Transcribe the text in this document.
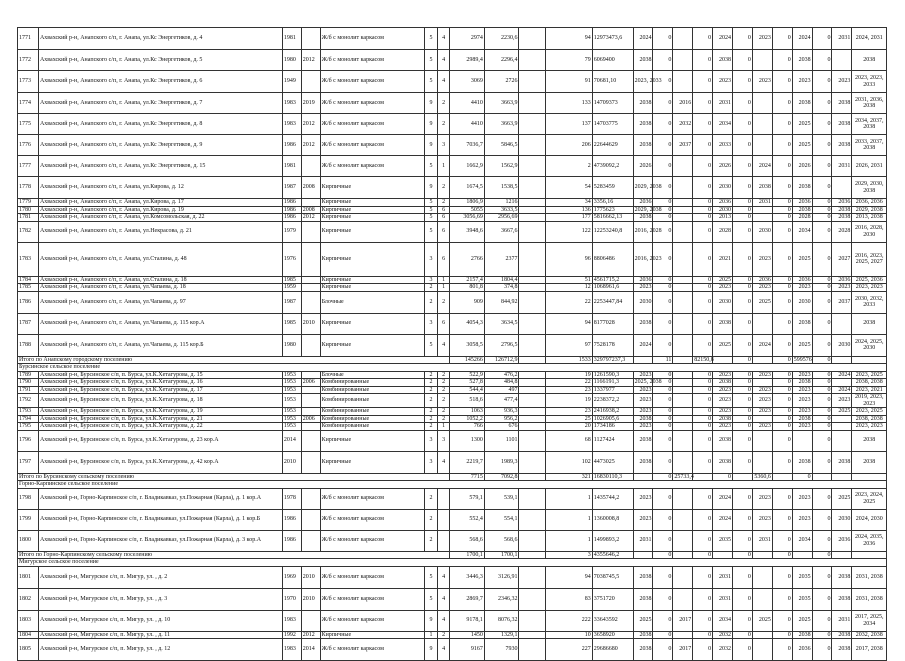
1771	Ахвахский р-н, Анапского с/п, г. Анапа, ул.Кс Энергетиков, д. 4	1981		Ж/б с монолит каркасом	5	4	2974	2230,6		94	12973473,6	2024	0		0	2024	0	2023	0	2024	0	2031	2024, 2031
1772	Ахвахский р-н, Анапского с/п, г. Анапа, ул.Кс Энергетиков, д. 5	1980	2012	Ж/б с монолит каркасом	5	4	2989,4	2296,4		79	6069400	2038	0		0	2038	0		0	2038	0		2038
1773	Ахвахский р-н, Анапского с/п, г. Анапа, ул.Кс Энергетиков, д. 6	1949		Ж/б с монолит каркасом	5	4	3069	2726		91	70681,10	2023, 2033	0		0	2023	0	2023	0	2023	0	2023	2023, 2023, 2033
1774	Ахвахский р-н, Анапского с/п, г. Анапа, ул.Кс Энергетиков, д. 7	1983	2019	Ж/б с монолит каркасом	9	2	4410	3663,9		133	14709373	2038	0	2016	0	2031	0		0	2038	0	2038	2031, 2036, 2038
1775	Ахвахский р-н, Анапского с/п, г. Анапа, ул.Кс Энергетиков, д. 8	1983	2012	Ж/б с монолит каркасом	9	2	4410	3663,9		137	14703775	2038	0	2032	0	2034	0		0	2025	0	2038	2034, 2037, 2038
1776	Ахвахский р-н, Анапского с/п, г. Анапа, ул.Кс Энергетиков, д. 9	1986	2012	Ж/б с монолит каркасом	9	3	7036,7	5846,5		206	22644629	2038	0	2037	0	2033	0		0	2025	0	2038	2033, 2037, 2038
1777	Ахвахский р-н, Анапского с/п, г. Анапа, ул.Кс Энергетиков, д. 15	1981		Ж/б с монолит каркасом	5	1	1662,9	1562,9		2	4739092,2	2026	0		0	2026	0	2024	0	2026	0	2031	2026, 2031
1778	Ахвахский р-н, Анапского с/п, г. Анапа, ул.Кирова, д. 12	1987	2008	Кирпичные	9	2	1674,5	1538,5		54	5283459	2029, 2038	0		0	2030	0	2038	0	2038	0		2029, 2030, 2038
1779	Ахвахский р-н, Анапского с/п, г. Анапа, ул.Кирова, д. 17	1986		Кирпичные	5	2	1806,9	1216		34	3356,16	2036	0		0	2036	0	2031	0	2036	0	2036	2036, 2036
1780	Ахвахский р-н, Анапского с/п, г. Анапа, ул.Кирова, д. 19	1986	2008	Кирпичные	5	6	5055	3633,5		136	1775623	2029, 2038	0		0	2030	0		0	2038	0	2038	2029, 2038
1781	Ахвахский р-н, Анапского с/п, г. Анапа, ул.Комсомольская, д. 22	1986	2012	Кирпичные	5	6	3056,69	2956,69		177	5816662,13	2038	0		0	2013	0		0	2028	0	2038	2013, 2038
1782	Ахвахский р-н, Анапского с/п, г. Анапа, ул.Некрасова, д. 21	1979		Кирпичные	5	6	3948,6	3667,6		122	12253240,8	2016, 2028	0		0	2028	0	2030	0	2034	0	2028	2016, 2028, 2030
1783	Ахвахский р-н, Анапского с/п, г. Анапа, ул.Сталина, д. 48	1976		Кирпичные	3	6	2766	2377		96	8806486	2016, 2023	0		0	2021	0	2023	0	2025	0	2027	2016, 2023, 2025, 2027
1784	Ахвахский р-н, Анапского с/п, г. Анапа, ул.Сталина, д. 18	1985		Кирпичные	3	1	2157,4	1804,4		51	4561715,2	2036	0		0	2025	0	2036	0	2036	0	2036	2025, 2036
1785	Ахвахский р-н, Анапского с/п, г. Анапа, ул.Чапаева, д. 18	1959		Кирпичные	2	1	801,8	374,8		12	1068961,6	2023	0		0	2023	0	2023	0	2023	0	2023	2023, 2023
1786	Ахвахский р-н, Анапского с/п, г. Анапа, ул.Чапаева, д. 97	1987		Блочные	2	2	909	844,92		22	2253447,84	2030	0		0	2030	0	2025	0	2030	0	2037	2030, 2032, 2033
1787	Ахвахский р-н, Анапского с/п, г. Анапа, ул.Чапаева, д. 115 кор.А	1985	2010	Кирпичные	3	6	4054,3	3634,5		94	8177028	2038	0		0	2038	0		0	2038	0		2038
1788	Ахвахский р-н, Анапского с/п, г. Анапа, ул.Чапаева, д. 115 кор.Б	1980		Кирпичные	5	4	3058,5	2796,5		97	7528178	2024	0		0	2025	0	2024	0	2025	0	2030	2024, 2025, 2030
Итого по Анапскому городскому поселению							145266	126712,9		1533	329797237,3		11		82150,8		0		0	599576	0		
Бурсинское сельское поселение																							
1789	Ахвахский р-н, Бурсинское с/п, п. Бурса, ул.К.Хетагурова, д. 15	1953		Блочные	2	2	522,9	476,2		19	1261590,3	2023	0		0	2023	0	2023	0	2023	0	2024	2023, 2025
1790	Ахвахский р-н, Бурсинское с/п, п. Бурса, ул.К.Хетагурова, д. 16	1953	2006	Комбинированные	2	2	527,8	484,8		22	1166191,3	2025, 2038	0		0	2038	0		0	2038	0		2038, 2038
1791	Ахвахский р-н, Бурсинское с/п, п. Бурса, ул.К.Хетагурова, д. 17	1953		Комбинированные	2	2	544,4	497		23	1337977	2023	0		0	2023	0	2023	0	2023	0	2024	2023, 2021
1792	Ахвахский р-н, Бурсинское с/п, п. Бурса, ул.К.Хетагурова, д. 18	1953		Комбинированные	2	2	518,6	477,4		19	2238372,2	2023	0		0	2023	0	2023	0	2023	0	2023	2019, 2023, 2023
1793	Ахвахский р-н, Бурсинское с/п, п. Бурса, ул.К.Хетагурова, д. 19	1953		Комбинированные	2	2	1063	936,3		23	2416938,2	2023	0		0	2023	0	2023	0	2023	0	2025	2023, 2025
1794	Ахвахский р-н, Бурсинское с/п, п. Бурса, ул.К.Хетагурова, д. 21	1953	2006	Комбинированные	2	2	1052,2	956,2		25	1026905,6	2038	0		0	2038	0		0	2038	0		2038, 2038
1795	Ахвахский р-н, Бурсинское с/п, п. Бурса, ул.К.Хетагурова, д. 22	1953		Комбинированные	2	1	766	676		20	1734186	2023	0		0	2023	0	2023	0	2023	0		2023, 2023
1796	Ахвахский р-н, Бурсинское с/п, п. Бурса, ул.К.Хетагурова, д. 23 кор.А	2014		Кирпичные	3	3	1300	1101		68	1127424	2038	0		0	2038	0		0		0		2038
1797	Ахвахский р-н, Бурсинское с/п, п. Бурса, ул.К.Хетагурова, д. 42 кор.А	2010		Кирпичные	3	4	2219,7	1989,3		102	4473025	2038	0		0	2038	0		0	2038	0	2038	2038
Итого по Бурсинскому сельскому поселению							7715	7092,8		321	16830110,3		0	25733,4		0		5360,6		0			
Горно-Карпинское сельское поселение																							
1798	Ахвахский р-н, Горно-Карпинское с/п, г. Владикавказ, ул.Пожарная (Карла), д. 1 кор.А	1978		Ж/б с монолит каркасом	2		579,1	539,1		1	1435744,2	2023	0		0	2024	0	2023	0	2023	0	2025	2023, 2024, 2025
1799	Ахвахский р-н, Горно-Карпинское с/п, г. Владикавказ, ул.Пожарная (Карла), д. 1 кор.Б	1986		Ж/б с монолит каркасом	2		552,4	554,1		1	1360008,8	2023	0		0	2024	0	2023	0	2023	0	2030	2024, 2030
1800	Ахвахский р-н, Горно-Карпинское с/п, г. Владикавказ, ул.Пожарная (Карла), д. 3 кор.А	1986		Ж/б с монолит каркасом	2		568,6	568,6		1	1499893,2	2031	0		0	2035	0	2031	0	2034	0	2036	2024, 2035, 2036
Итого по Горно-Карпинскому сельскому поселению							1700,1	1700,1		3	4355646,2		0		0		0		0		0		
Мигурское сельское поселение																							
1801	Ахвахский р-н, Мигурское с/п, п. Мигур, ул. , д. 2	1969	2010	Ж/б с монолит каркасом	5	4	3446,3	3126,91		94	7038745,5	2038	0		0	2031	0		0	2035	0	2038	2031, 2038
1802	Ахвахский р-н, Мигурское с/п, п. Мигур, ул. , д. 3	1970	2010	Ж/б с монолит каркасом	5	4	2869,7	2346,32		83	3751720	2038	0		0	2031	0		0	2035	0	2038	2031, 2038
1803	Ахвахский р-н, Мигурское с/п, п. Мигур, ул. , д. 10	1983		Ж/б с монолит каркасом	9	4	9178,1	8076,32		222	33643592	2025	0	2017	0	2034	0	2025	0	2025	0	2031	2017, 2025, 2034
1804	Ахвахский р-н, Мигурское с/п, п. Мигур, ул. , д. 11	1992	2012	Кирпичные	1	2	1450	1329,1		10	3658920	2038	0		0	2032	0		0	2038	0	2038	2032, 2038
1805	Ахвахский р-н, Мигурское с/п, п. Мигур, ул. , д. 12	1983	2014	Ж/б с монолит каркасом	9	4	9167	7930		227	29686680	2038	0	2017	0	2032	0		0	2036	0	2038	2017, 2038
